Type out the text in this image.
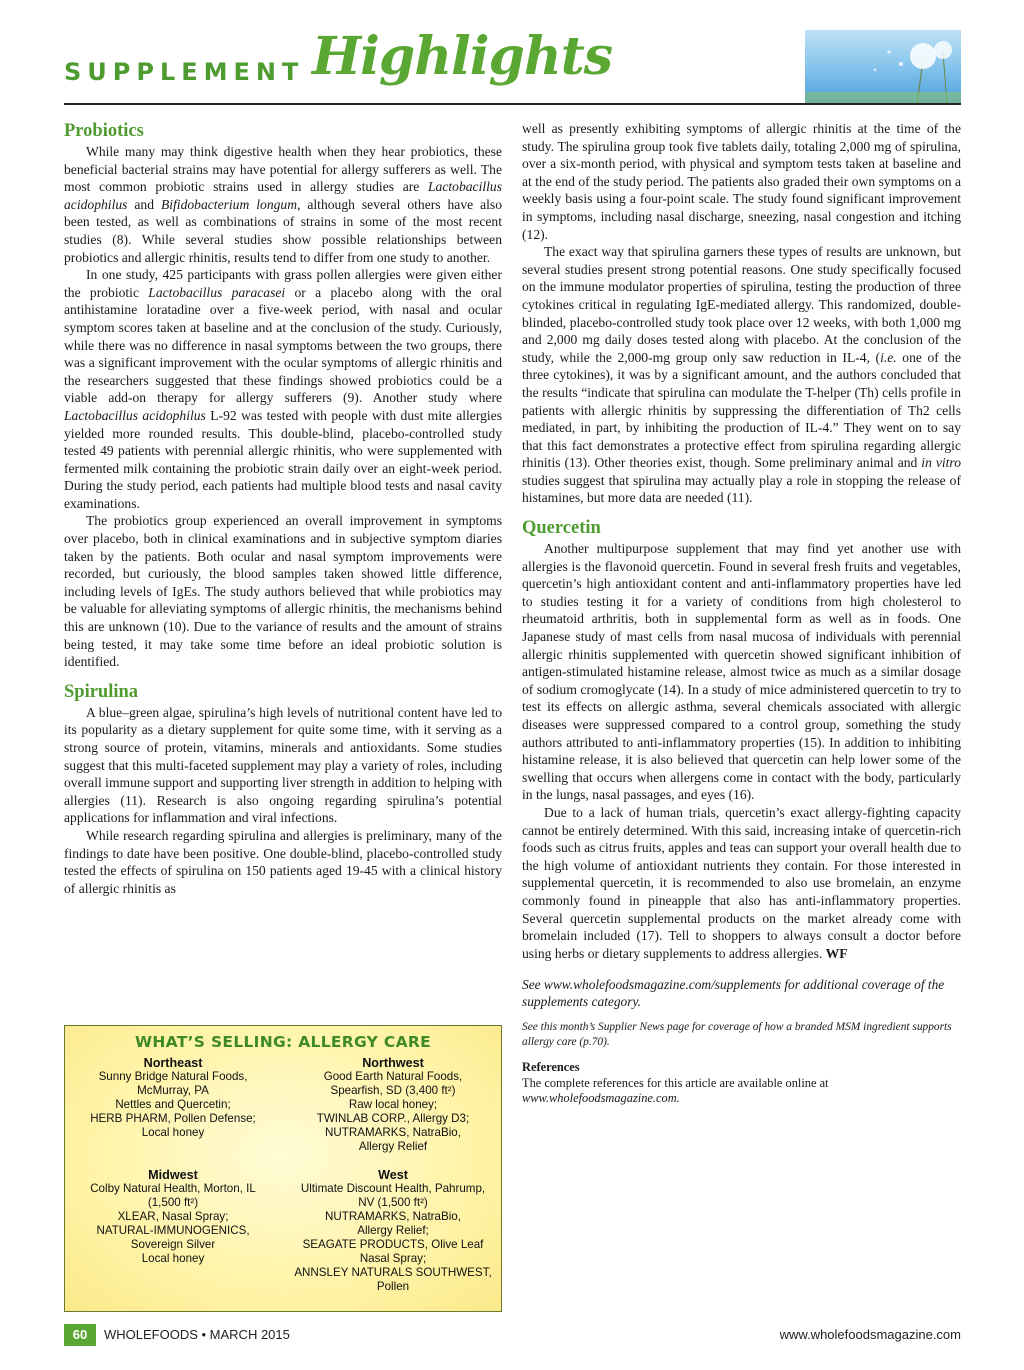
SUPPLEMENT Highlights
Probiotics

While many may think digestive health when they hear probiotics, these beneficial bacterial strains may have potential for allergy sufferers as well. The most common probiotic strains used in allergy studies are Lactobacillus acidophilus and Bifidobacterium longum, although several others have also been tested, as well as combinations of strains in some of the most recent studies (8). While several studies show possible relationships between probiotics and allergic rhinitis, results tend to differ from one study to another.

In one study, 425 participants with grass pollen allergies were given either the probiotic Lactobacillus paracasei or a placebo along with the oral antihistamine loratadine over a five-week period, with nasal and ocular symptom scores taken at baseline and at the conclusion of the study. Curiously, while there was no difference in nasal symptoms between the two groups, there was a significant improvement with the ocular symptoms of allergic rhinitis and the researchers suggested that these findings showed probiotics could be a viable add-on therapy for allergy sufferers (9). Another study where Lactobacillus acidophilus L-92 was tested with people with dust mite allergies yielded more rounded results. This double-blind, placebo-controlled study tested 49 patients with perennial allergic rhinitis, who were supplemented with fermented milk containing the probiotic strain daily over an eight-week period. During the study period, each patients had multiple blood tests and nasal cavity examinations.

The probiotics group experienced an overall improvement in symptoms over placebo, both in clinical examinations and in subjective symptom diaries taken by the patients. Both ocular and nasal symptom improvements were recorded, but curiously, the blood samples taken showed little difference, including levels of IgEs. The study authors believed that while probiotics may be valuable for alleviating symptoms of allergic rhinitis, the mechanisms behind this are unknown (10). Due to the variance of results and the amount of strains being tested, it may take some time before an ideal probiotic solution is identified.

Spirulina

A blue–green algae, spirulina’s high levels of nutritional content have led to its popularity as a dietary supplement for quite some time, with it serving as a strong source of protein, vitamins, minerals and antioxidants. Some studies suggest that this multi-faceted supplement may play a variety of roles, including overall immune support and supporting liver strength in addition to helping with allergies (11). Research is also ongoing regarding spirulina’s potential applications for inflammation and viral infections.

While research regarding spirulina and allergies is preliminary, many of the findings to date have been positive. One double-blind, placebo-controlled study tested the effects of spirulina on 150 patients aged 19-45 with a clinical history of allergic rhinitis as

WHAT’S SELLING: ALLERGY CARE
Northeast
Sunny Bridge Natural Foods,
McMurray, PA
Nettles and Quercetin;
HERB PHARM, Pollen Defense;
Local honey
Northwest
Good Earth Natural Foods,
Spearfish, SD (3,400 ft²)
Raw local honey;
TWINLAB CORP., Allergy D3;
NUTRAMARKS, NatraBio,
Allergy Relief
Midwest
Colby Natural Health, Morton, IL
(1,500 ft²)
XLEAR, Nasal Spray;
NATURAL-IMMUNOGENICS,
Sovereign Silver
Local honey
West
Ultimate Discount Health, Pahrump,
NV (1,500 ft²)
NUTRAMARKS, NatraBio,
Allergy Relief;
SEAGATE PRODUCTS, Olive Leaf
Nasal Spray;
ANNSLEY NATURALS SOUTHWEST,
Pollen

well as presently exhibiting symptoms of allergic rhinitis at the time of the study. The spirulina group took five tablets daily, totaling 2,000 mg of spirulina, over a six-month period, with physical and symptom tests taken at baseline and at the end of the study period. The patients also graded their own symptoms on a weekly basis using a four-point scale. The study found significant improvement in symptoms, including nasal discharge, sneezing, nasal congestion and itching (12).

The exact way that spirulina garners these types of results are unknown, but several studies present strong potential reasons. One study specifically focused on the immune modulator properties of spirulina, testing the production of three cytokines critical in regulating IgE-mediated allergy. This randomized, double-blinded, placebo-controlled study took place over 12 weeks, with both 1,000 mg and 2,000 mg daily doses tested along with placebo. At the conclusion of the study, while the 2,000-mg group only saw reduction in IL-4, (i.e. one of the three cytokines), it was by a significant amount, and the authors concluded that the results “indicate that spirulina can modulate the T-helper (Th) cells profile in patients with allergic rhinitis by suppressing the differentiation of Th2 cells mediated, in part, by inhibiting the production of IL-4.” They went on to say that this fact demonstrates a protective effect from spirulina regarding allergic rhinitis (13). Other theories exist, though. Some preliminary animal and in vitro studies suggest that spirulina may actually play a role in stopping the release of histamines, but more data are needed (11).

Quercetin

Another multipurpose supplement that may find yet another use with allergies is the flavonoid quercetin. Found in several fresh fruits and vegetables, quercetin’s high antioxidant content and anti-inflammatory properties have led to studies testing it for a variety of conditions from high cholesterol to rheumatoid arthritis, both in supplemental form as well as in foods. One Japanese study of mast cells from nasal mucosa of individuals with perennial allergic rhinitis supplemented with quercetin showed significant inhibition of antigen-stimulated histamine release, almost twice as much as a similar dosage of sodium cromoglycate (14). In a study of mice administered quercetin to try to test its effects on allergic asthma, several chemicals associated with allergic diseases were suppressed compared to a control group, something the study authors attributed to anti-inflammatory properties (15). In addition to inhibiting histamine release, it is also believed that quercetin can help lower some of the swelling that occurs when allergens come in contact with the body, particularly in the lungs, nasal passages, and eyes (16).

Due to a lack of human trials, quercetin’s exact allergy-fighting capacity cannot be entirely determined. With this said, increasing intake of quercetin-rich foods such as citrus fruits, apples and teas can support your overall health due to the high volume of antioxidant nutrients they contain. For those interested in supplemental quercetin, it is recommended to also use bromelain, an enzyme commonly found in pineapple that also has anti-inflammatory properties. Several quercetin supplemental products on the market already come with bromelain included (17). Tell to shoppers to always consult a doctor before using herbs or dietary supplements to address allergies. WF

See www.wholefoodsmagazine.com/supplements for additional coverage of the supplements category.
See this month’s Supplier News page for coverage of how a branded MSM ingredient supports allergy care (p.70).
References
The complete references for this article are available online at www.wholefoodsmagazine.com.
60	WHOLEFOODS • MARCH 2015	www.wholefoodsmagazine.com
